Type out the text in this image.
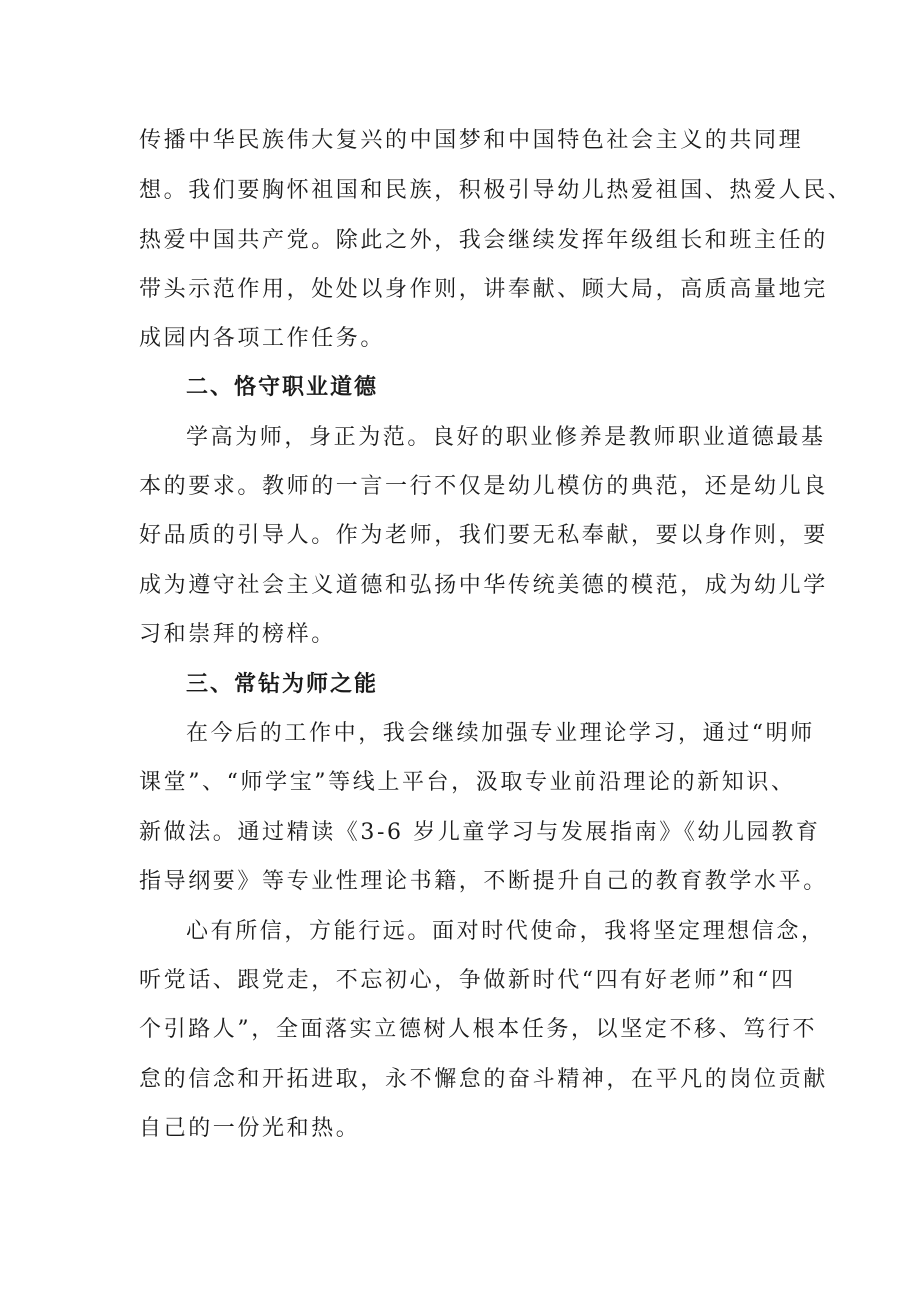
传播中华民族伟大复兴的中国梦和中国特色社会主义的共同理
想。我们要胸怀祖国和民族，积极引导幼儿热爱祖国、热爱人民、
热爱中国共产党。除此之外，我会继续发挥年级组长和班主任的
带头示范作用，处处以身作则，讲奉献、顾大局，高质高量地完
成园内各项工作任务。
二、恪守职业道德
学高为师，身正为范。良好的职业修养是教师职业道德最基
本的要求。教师的一言一行不仅是幼儿模仿的典范，还是幼儿良
好品质的引导人。作为老师，我们要无私奉献，要以身作则，要
成为遵守社会主义道德和弘扬中华传统美德的模范，成为幼儿学
习和崇拜的榜样。
三、常钻为师之能
在今后的工作中，我会继续加强专业理论学习，通过“明师
课堂”、“师学宝”等线上平台，汲取专业前沿理论的新知识、
新做法。通过精读《3-6 岁儿童学习与发展指南》《幼儿园教育
指导纲要》等专业性理论书籍，不断提升自己的教育教学水平。
心有所信，方能行远。面对时代使命，我将坚定理想信念，
听党话、跟党走，不忘初心，争做新时代“四有好老师”和“四
个引路人”，全面落实立德树人根本任务，以坚定不移、笃行不
怠的信念和开拓进取，永不懈怠的奋斗精神，在平凡的岗位贡献
自己的一份光和热。
